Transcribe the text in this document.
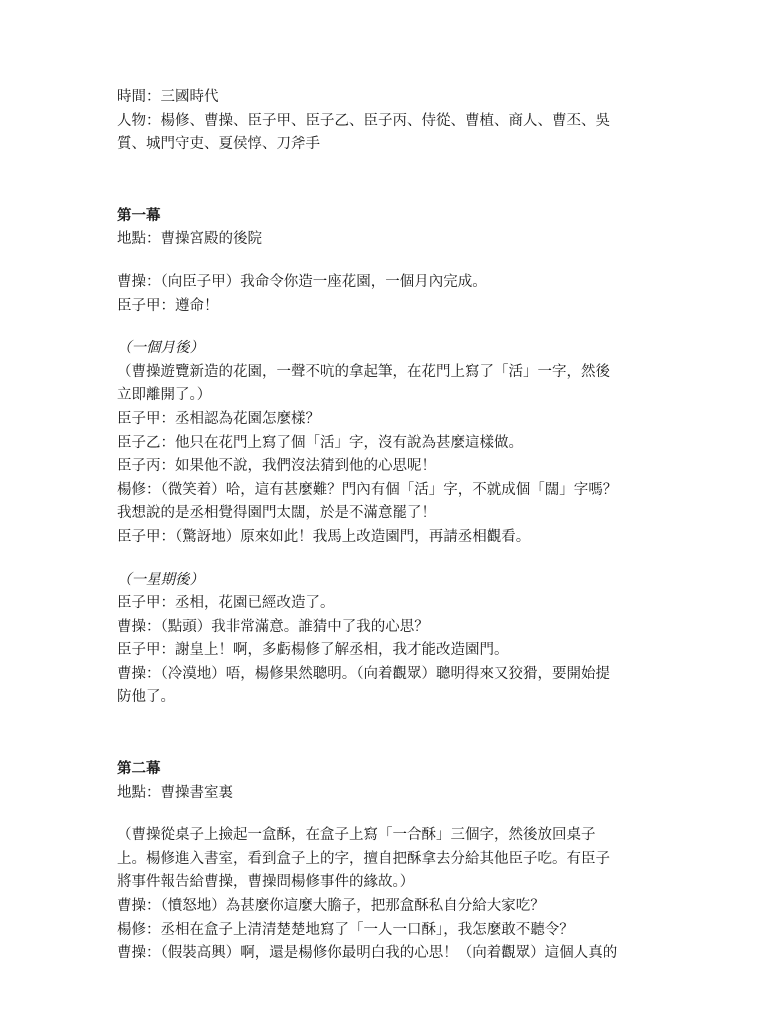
時間：三國時代
人物：楊修、曹操、臣子甲、臣子乙、臣子丙、侍從、曹植、商人、曹丕、吳
質、城門守吏、夏侯惇、刀斧手
第一幕
地點：曹操宮殿的後院
曹操：（向臣子甲）我命令你造一座花園，一個月內完成。
臣子甲：遵命！
（一個月後）
（曹操遊覽新造的花園，一聲不吭的拿起筆，在花門上寫了「活」一字，然後
立即離開了。）
臣子甲：丞相認為花園怎麼樣？
臣子乙：他只在花門上寫了個「活」字，沒有說為甚麼這樣做。
臣子丙：如果他不說，我們沒法猜到他的心思呢！
楊修：（微笑着）哈，這有甚麼難？門內有個「活」字，不就成個「闊」字嗎？
我想說的是丞相覺得園門太闊，於是不滿意罷了！
臣子甲：（驚訝地）原來如此！我馬上改造園門，再請丞相觀看。
（一星期後）
臣子甲：丞相，花園已經改造了。
曹操：（點頭）我非常滿意。誰猜中了我的心思？
臣子甲：謝皇上！啊，多虧楊修了解丞相，我才能改造園門。
曹操：（冷漠地）唔，楊修果然聰明。（向着觀眾）聰明得來又狡猾，要開始提
防他了。
第二幕
地點：曹操書室裏
（曹操從桌子上撿起一盒酥，在盒子上寫「一合酥」三個字，然後放回桌子
上。楊修進入書室，看到盒子上的字，擅自把酥拿去分給其他臣子吃。有臣子
將事件報告給曹操，曹操問楊修事件的緣故。）
曹操：（憤怒地）為甚麼你這麼大膽子，把那盒酥私自分給大家吃？
楊修：丞相在盒子上清清楚楚地寫了「一人一口酥」，我怎麼敢不聽令？
曹操：（假裝高興）啊，還是楊修你最明白我的心思！（向着觀眾）這個人真的
